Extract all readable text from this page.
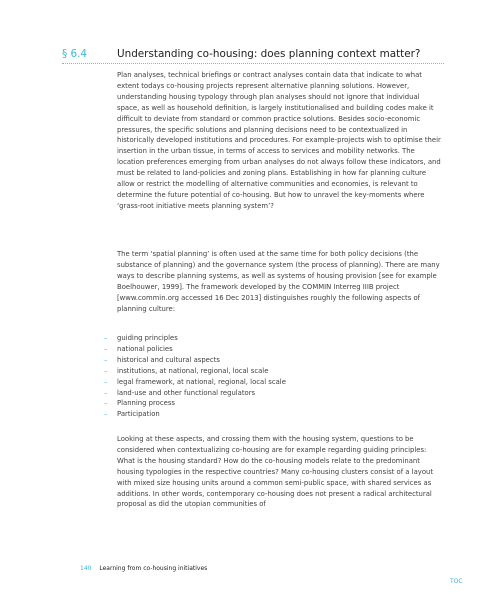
§ 6.4	Understanding co-housing: does planning context matter?

Plan analyses, technical briefings or contract analyses contain data that indicate to what extent todays co-housing projects represent alternative planning solutions. However, understanding housing typology through plan analyses should not ignore that individual space, as well as household definition, is largely institutionalised and building codes make it difficult to deviate from standard or common practice solutions. Besides socio-economic pressures, the specific solutions and planning decisions need to be contextualized in historically developed institutions and procedures. For example-projects wish to optimise their insertion in the urban tissue, in terms of access to services and mobility networks. The location preferences emerging from urban analyses do not always follow these indicators, and must be related to land-policies and zoning plans. Establishing in how far planning culture allow or restrict the modelling of alternative communities and economies, is relevant to determine the future potential of co-housing. But how to unravel the key-moments where ‘grass-root initiative meets planning system’?

The term ‘spatial planning’ is often used at the same time for both policy decisions (the substance of planning) and the governance system (the process of planning). There are many ways to describe planning systems, as well as systems of housing provision [see for example Boelhouwer, 1999]. The framework developed by the COMMIN Interreg IIIB project [www.commin.org accessed 16 Dec 2013] distinguishes roughly the following aspects of planning culture:

– guiding principles
– national policies
– historical and cultural aspects
– institutions, at national, regional, local scale
– legal framework, at national, regional, local scale
– land-use and other functional regulators
– Planning process
– Participation

Looking at these aspects, and crossing them with the housing system, questions to be considered when contextualizing co-housing are for example regarding guiding principles: What is the housing standard? How do the co-housing models relate to the predominant housing typologies in the respective countries? Many co-housing clusters consist of a layout with mixed size housing units around a common semi-public space, with shared services as additions. In other words, contemporary co-housing does not present a radical architectural proposal as did the utopian communities of

140 Learning from co-housing initiatives
TOC
